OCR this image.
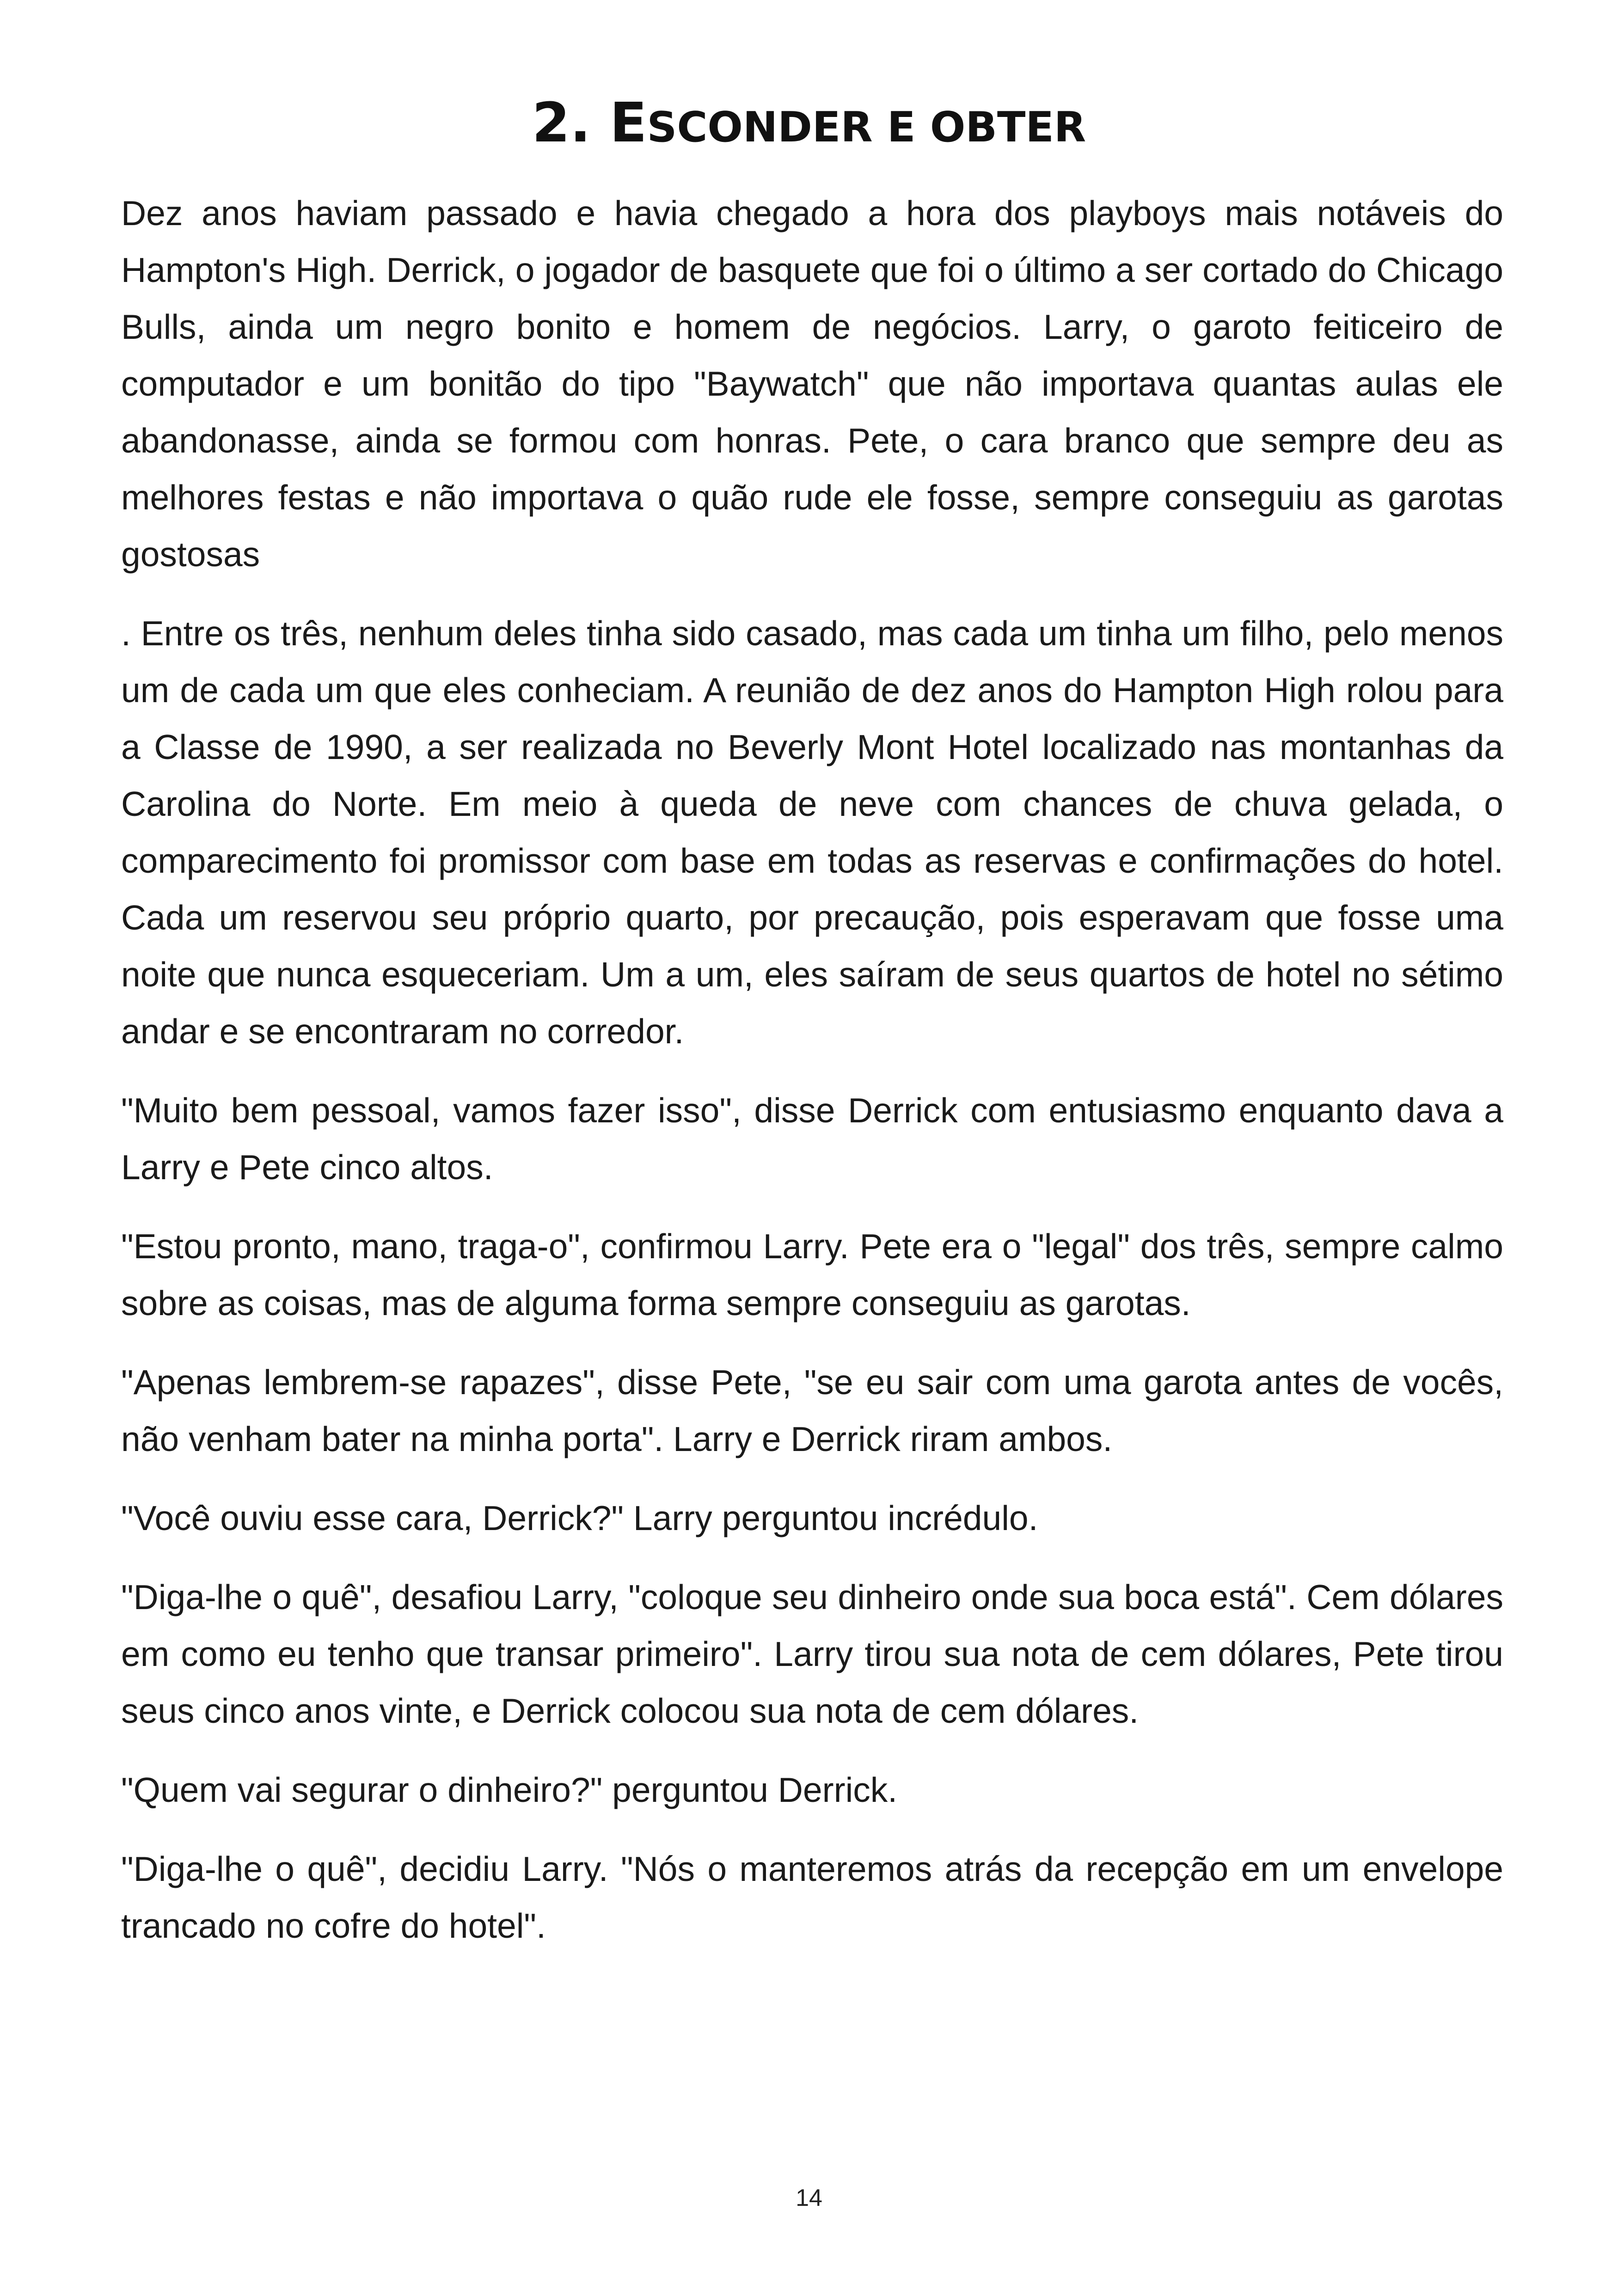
2. ESCONDER E OBTER

Dez anos haviam passado e havia chegado a hora dos playboys mais notáveis do Hampton's High. Derrick, o jogador de basquete que foi o último a ser cortado do Chicago Bulls, ainda um negro bonito e homem de negócios. Larry, o garoto feiticeiro de computador e um bonitão do tipo "Baywatch" que não importava quantas aulas ele abandonasse, ainda se formou com honras. Pete, o cara branco que sempre deu as melhores festas e não importava o quão rude ele fosse, sempre conseguiu as garotas gostosas

. Entre os três, nenhum deles tinha sido casado, mas cada um tinha um filho, pelo menos um de cada um que eles conheciam. A reunião de dez anos do Hampton High rolou para a Classe de 1990, a ser realizada no Beverly Mont Hotel localizado nas montanhas da Carolina do Norte. Em meio à queda de neve com chances de chuva gelada, o comparecimento foi promissor com base em todas as reservas e confirmações do hotel. Cada um reservou seu próprio quarto, por precaução, pois esperavam que fosse uma noite que nunca esqueceriam. Um a um, eles saíram de seus quartos de hotel no sétimo andar e se encontraram no corredor.

"Muito bem pessoal, vamos fazer isso", disse Derrick com entusiasmo enquanto dava a Larry e Pete cinco altos.

"Estou pronto, mano, traga-o", confirmou Larry. Pete era o "legal" dos três, sempre calmo sobre as coisas, mas de alguma forma sempre conseguiu as garotas.

"Apenas lembrem-se rapazes", disse Pete, "se eu sair com uma garota antes de vocês, não venham bater na minha porta". Larry e Derrick riram ambos.

"Você ouviu esse cara, Derrick?" Larry perguntou incrédulo.

"Diga-lhe o quê", desafiou Larry, "coloque seu dinheiro onde sua boca está". Cem dólares em como eu tenho que transar primeiro". Larry tirou sua nota de cem dólares, Pete tirou seus cinco anos vinte, e Derrick colocou sua nota de cem dólares.

"Quem vai segurar o dinheiro?" perguntou Derrick.

"Diga-lhe o quê", decidiu Larry. "Nós o manteremos atrás da recepção em um envelope trancado no cofre do hotel".

14
